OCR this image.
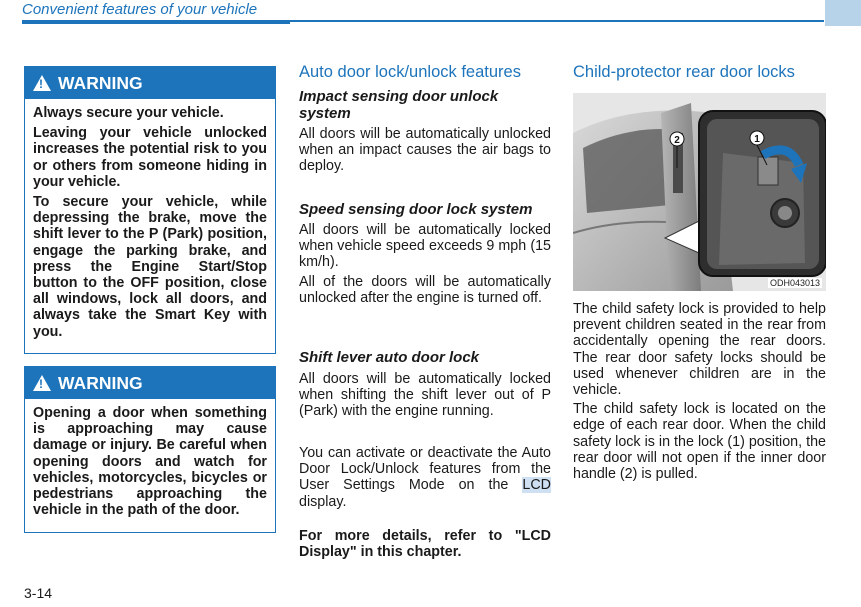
Convenient features of your vehicle
!
WARNING

Always secure your vehicle.

Leaving your vehicle unlocked increases the potential risk to you or others from someone hiding in your vehicle.

To secure your vehicle, while depressing the brake, move the shift lever to the P (Park) position, engage the parking brake, and press the Engine Start/Stop button to the OFF position, close all windows, lock all doors, and always take the Smart Key with you.

!
WARNING

Opening a door when something is approaching may cause damage or injury. Be careful when opening doors and watch for vehicles, motorcycles, bicycles or pedestrians approaching the vehicle in the path of the door.

Auto door lock/unlock features
Impact sensing door unlock system

All doors will be automatically unlocked when an impact causes the air bags to deploy.

Speed sensing door lock system

All doors will be automatically locked when vehicle speed exceeds 9 mph (15 km/h).

All of the doors will be automatically unlocked after the engine is turned off.

Shift lever auto door lock

All doors will be automatically locked when shifting the shift lever out of P (Park) with the engine running.

You can activate or deactivate the Auto Door Lock/Unlock features from the User Settings Mode on the LCD display.
For more details, refer to "LCD Display" in this chapter.
Child-protector rear door locks
2	1
ODH043013

The child safety lock is provided to help prevent children seated in the rear from accidentally opening the rear doors. The rear door safety locks should be used whenever children are in the vehicle.

The child safety lock is located on the edge of each rear door. When the child safety lock is in the lock (1) position, the rear door will not open if the inner door handle (2) is pulled.

3-14
